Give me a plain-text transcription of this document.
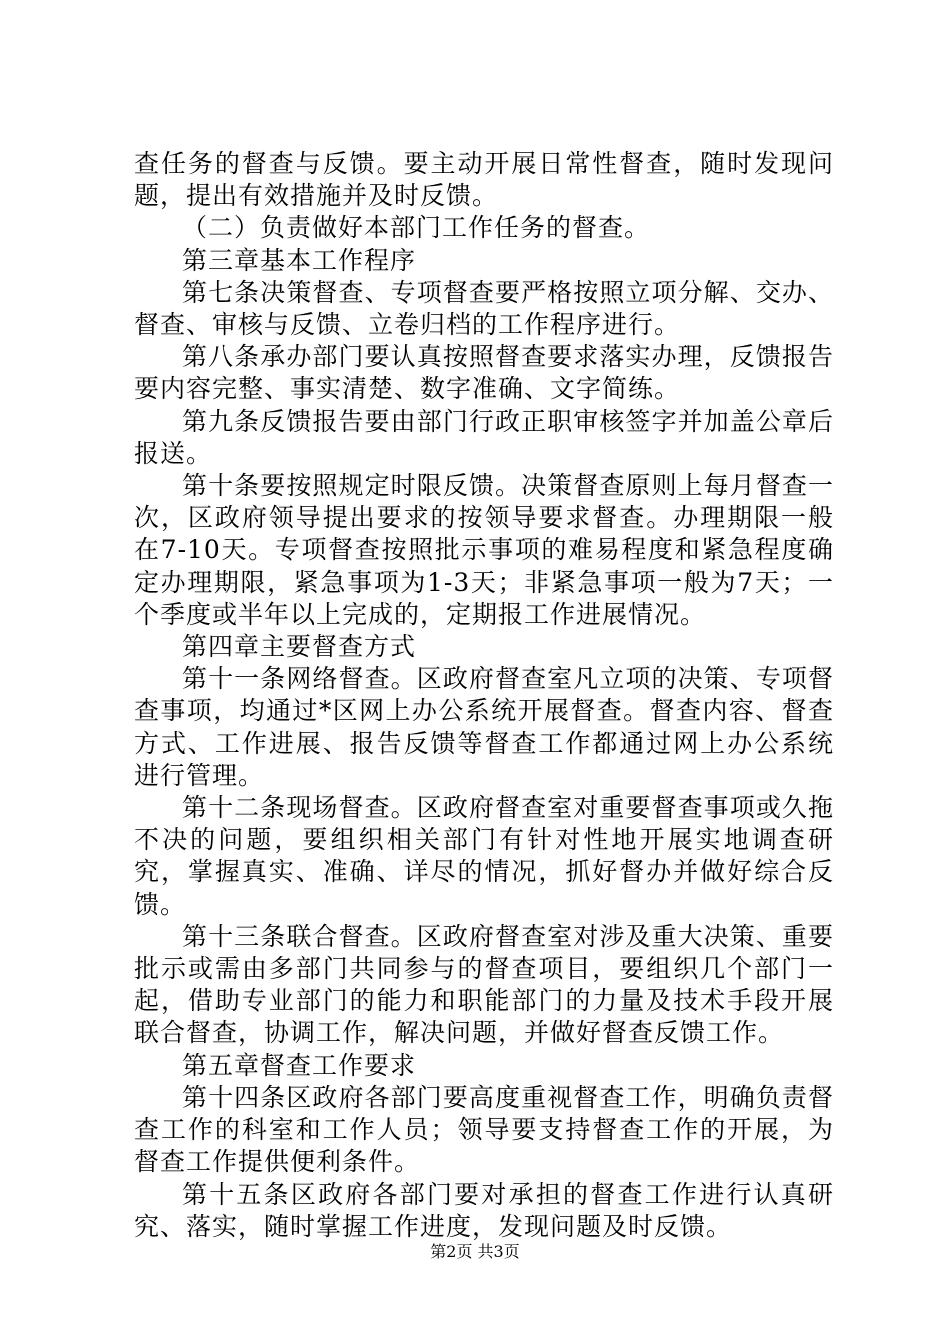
查任务的督查与反馈。要主动开展日常性督查，随时发现问题，提出有效措施并及时反馈。

（二）负责做好本部门工作任务的督查。

第三章基本工作程序

第七条决策督查、专项督查要严格按照立项分解、交办、督查、审核与反馈、立卷归档的工作程序进行。

第八条承办部门要认真按照督查要求落实办理，反馈报告要内容完整、事实清楚、数字准确、文字简练。

第九条反馈报告要由部门行政正职审核签字并加盖公章后报送。

第十条要按照规定时限反馈。决策督查原则上每月督查一次，区政府领导提出要求的按领导要求督查。办理期限一般在7-10天。专项督查按照批示事项的难易程度和紧急程度确定办理期限，紧急事项为1-3天；非紧急事项一般为7天；一个季度或半年以上完成的，定期报工作进展情况。

第四章主要督查方式

第十一条网络督查。区政府督查室凡立项的决策、专项督查事项，均通过*区网上办公系统开展督查。督查内容、督查方式、工作进展、报告反馈等督查工作都通过网上办公系统进行管理。

第十二条现场督查。区政府督查室对重要督查事项或久拖不决的问题，要组织相关部门有针对性地开展实地调查研究，掌握真实、准确、详尽的情况，抓好督办并做好综合反馈。

第十三条联合督查。区政府督查室对涉及重大决策、重要批示或需由多部门共同参与的督查项目，要组织几个部门一起，借助专业部门的能力和职能部门的力量及技术手段开展联合督查，协调工作，解决问题，并做好督查反馈工作。

第五章督查工作要求

第十四条区政府各部门要高度重视督查工作，明确负责督查工作的科室和工作人员；领导要支持督查工作的开展，为督查工作提供便利条件。

第十五条区政府各部门要对承担的督查工作进行认真研究、落实，随时掌握工作进度，发现问题及时反馈。

第2页 共3页
